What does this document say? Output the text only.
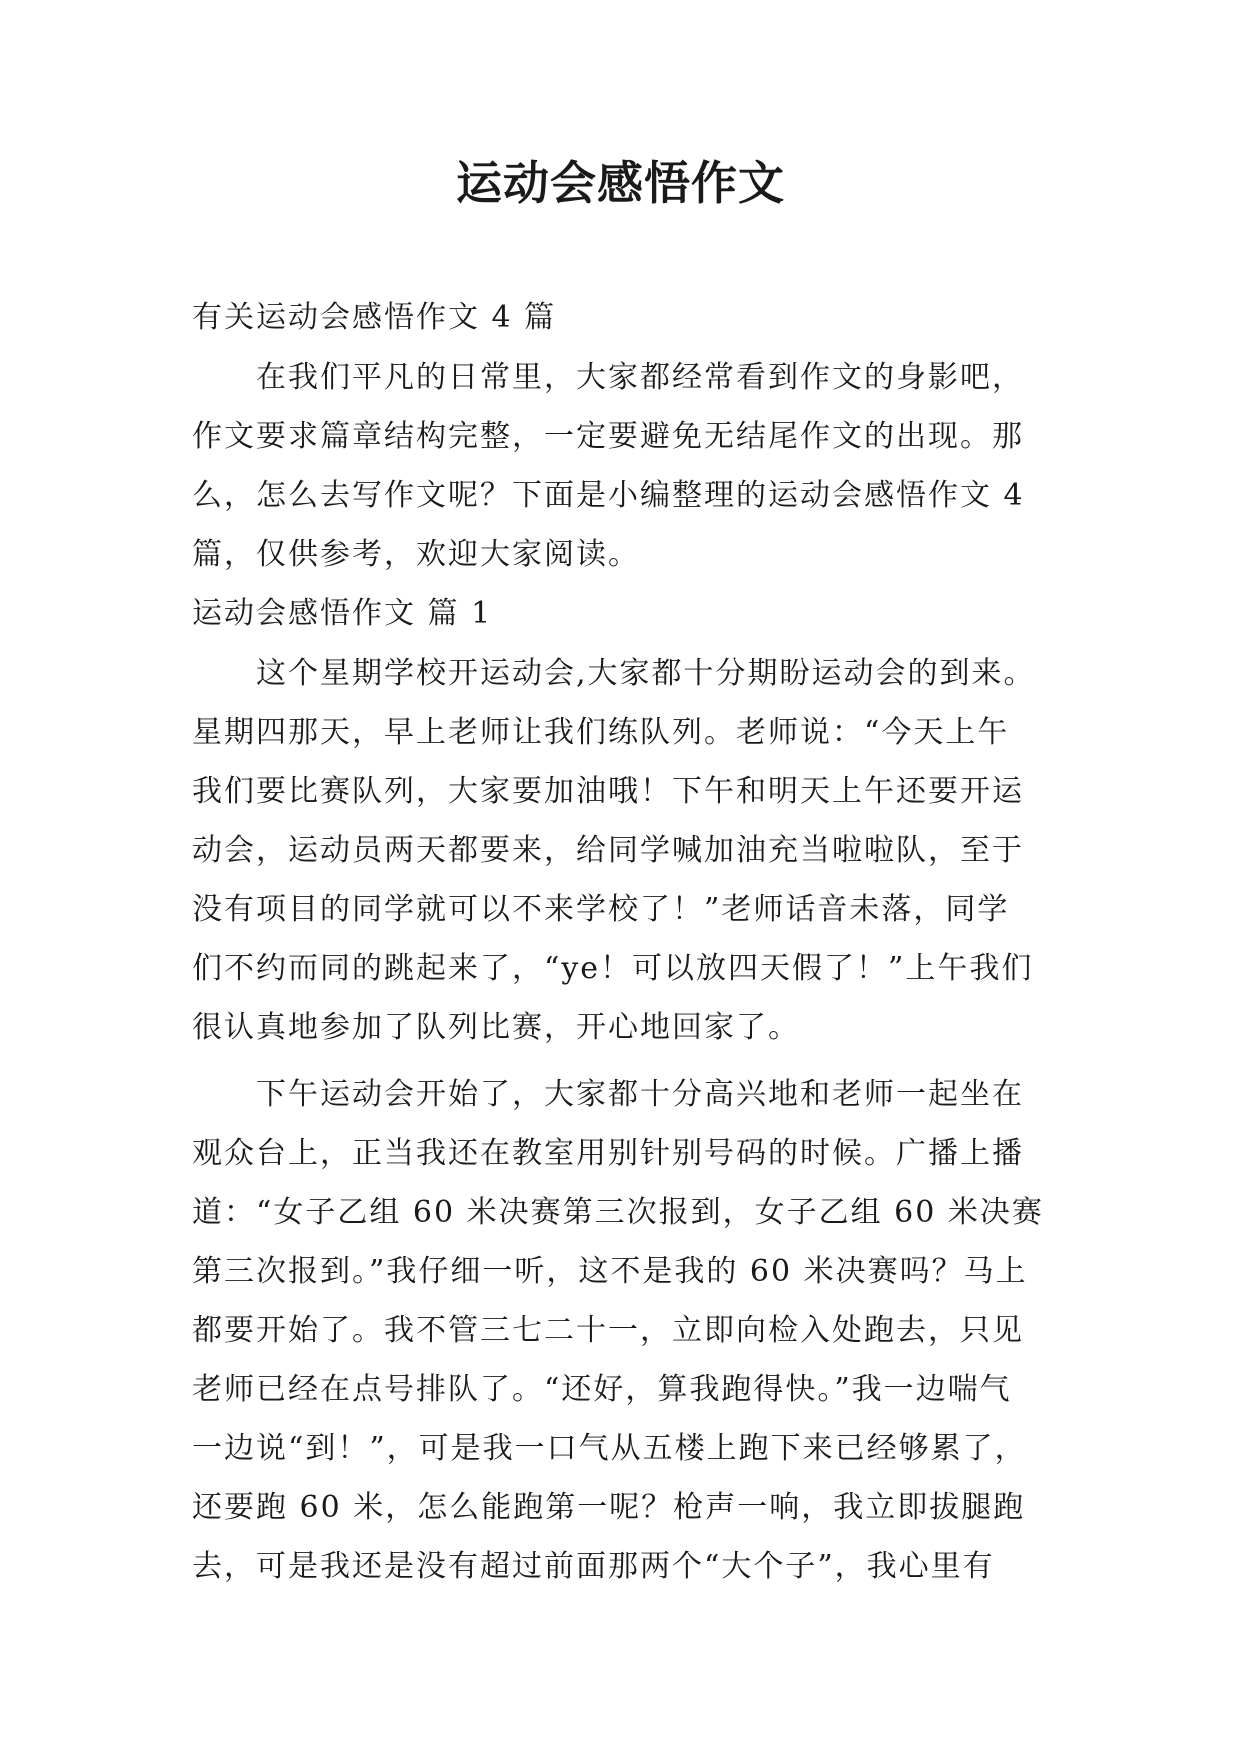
运动会感悟作文

有关运动会感悟作文 4 篇

在我们平凡的日常里，大家都经常看到作文的身影吧，
作文要求篇章结构完整，一定要避免无结尾作文的出现。那
么，怎么去写作文呢？下面是小编整理的运动会感悟作文 4
篇，仅供参考，欢迎大家阅读。

运动会感悟作文 篇 1

这个星期学校开运动会,大家都十分期盼运动会的到来。
星期四那天，早上老师让我们练队列。老师说：“今天上午
我们要比赛队列，大家要加油哦！下午和明天上午还要开运
动会，运动员两天都要来，给同学喊加油充当啦啦队，至于
没有项目的同学就可以不来学校了！”老师话音未落，同学
们不约而同的跳起来了，“ye！可以放四天假了！”上午我们
很认真地参加了队列比赛，开心地回家了。
下午运动会开始了，大家都十分高兴地和老师一起坐在
观众台上，正当我还在教室用别针别号码的时候。广播上播
道：“女子乙组 60 米决赛第三次报到，女子乙组 60 米决赛
第三次报到。”我仔细一听，这不是我的 60 米决赛吗？马上
都要开始了。我不管三七二十一，立即向检入处跑去，只见
老师已经在点号排队了。“还好，算我跑得快。”我一边喘气
一边说“到！”，可是我一口气从五楼上跑下来已经够累了，
还要跑 60 米，怎么能跑第一呢？枪声一响，我立即拔腿跑
去，可是我还是没有超过前面那两个“大个子”，我心里有
